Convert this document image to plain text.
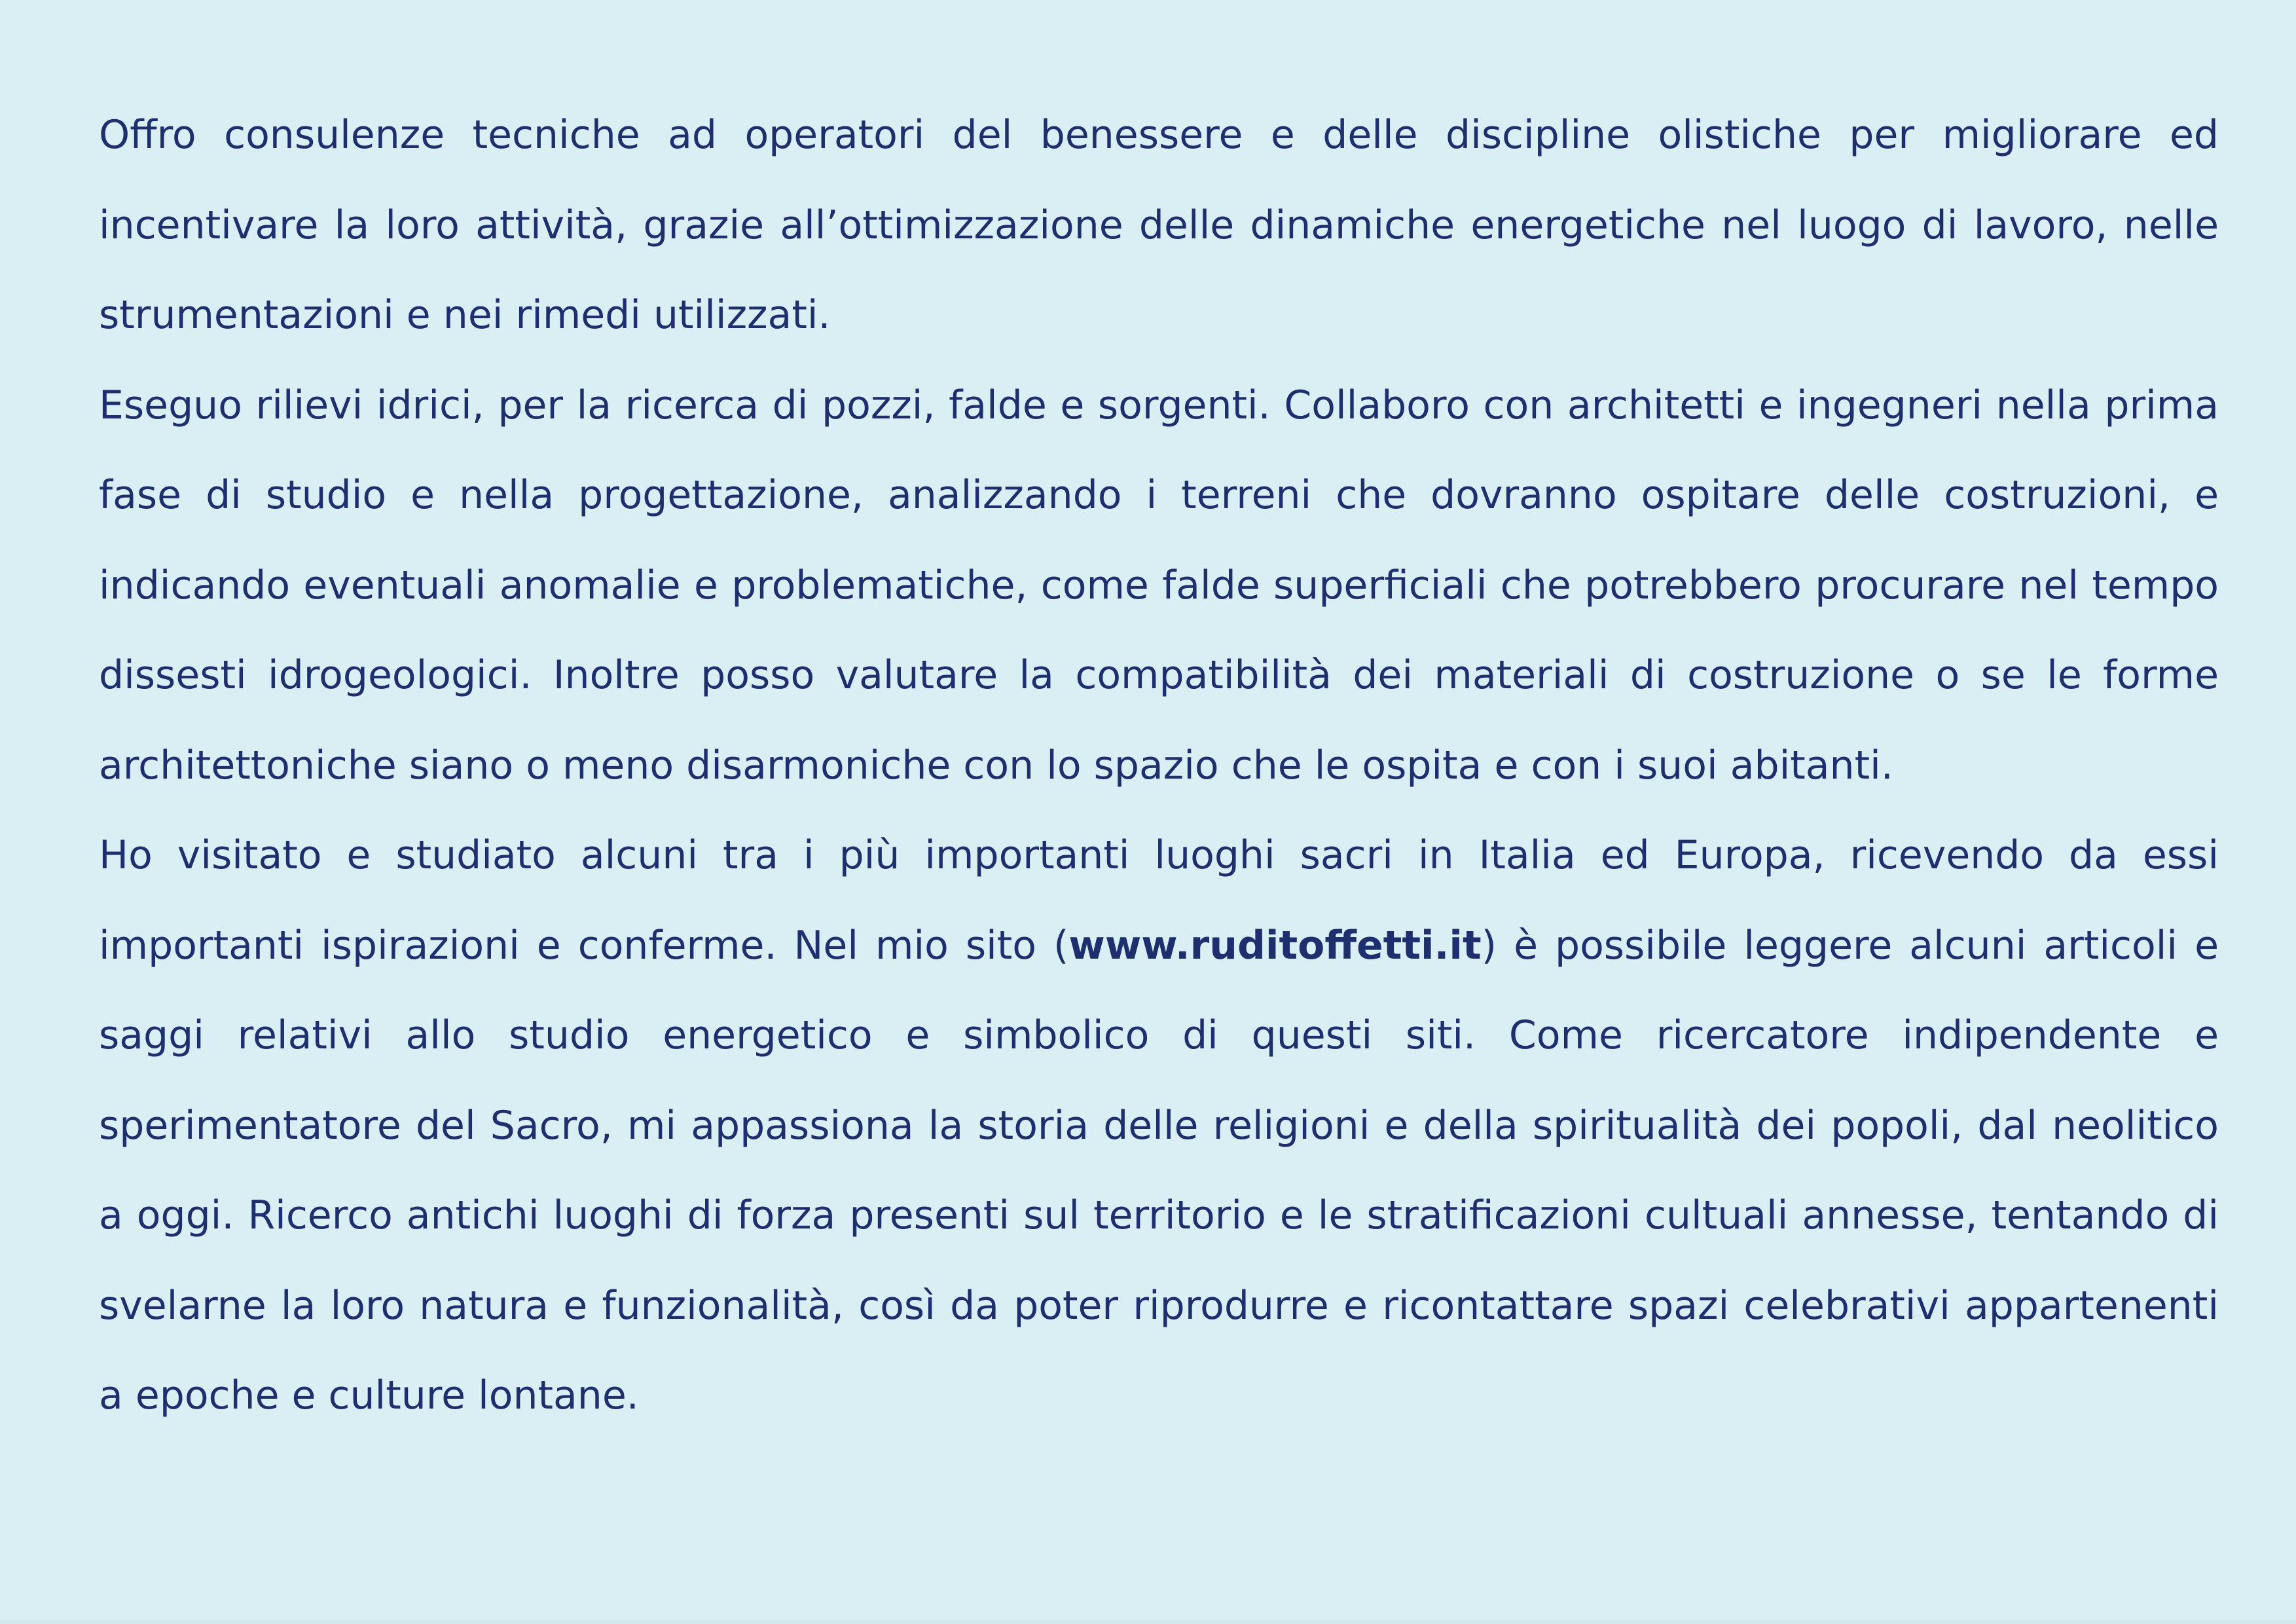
Offro consulenze tecniche ad operatori del benessere e delle discipline olistiche per migliorare ed incentivare la loro attività, grazie all’ottimizzazione delle dinamiche energetiche nel luogo di lavoro, nelle strumentazioni e nei rimedi utilizzati.

Eseguo rilievi idrici, per la ricerca di pozzi, falde e sorgenti. Collaboro con architetti e ingegneri nella prima fase di studio e nella progettazione, analizzando i terreni che dovranno ospitare delle costruzioni, e indicando eventuali anomalie e problematiche, come falde superficiali che potrebbero procurare nel tempo dissesti idrogeologici. Inoltre posso valutare la compatibilità dei materiali di costruzione o se le forme architettoniche siano o meno disarmoniche con lo spazio che le ospita e con i suoi abitanti.

Ho visitato e studiato alcuni tra i più importanti luoghi sacri in Italia ed Europa, ricevendo da essi importanti ispirazioni e conferme. Nel mio sito (www.ruditoffetti.it) è possibile leggere alcuni articoli e saggi relativi allo studio energetico e simbolico di questi siti. Come ricercatore indipendente e sperimentatore del Sacro, mi appassiona la storia delle religioni e della spiritualità dei popoli, dal neolitico a oggi. Ricerco antichi luoghi di forza presenti sul territorio e le stratificazioni cultuali annesse, tentando di svelarne la loro natura e funzionalità, così da poter riprodurre e ricontattare spazi celebrativi appartenenti a epoche e culture lontane.
